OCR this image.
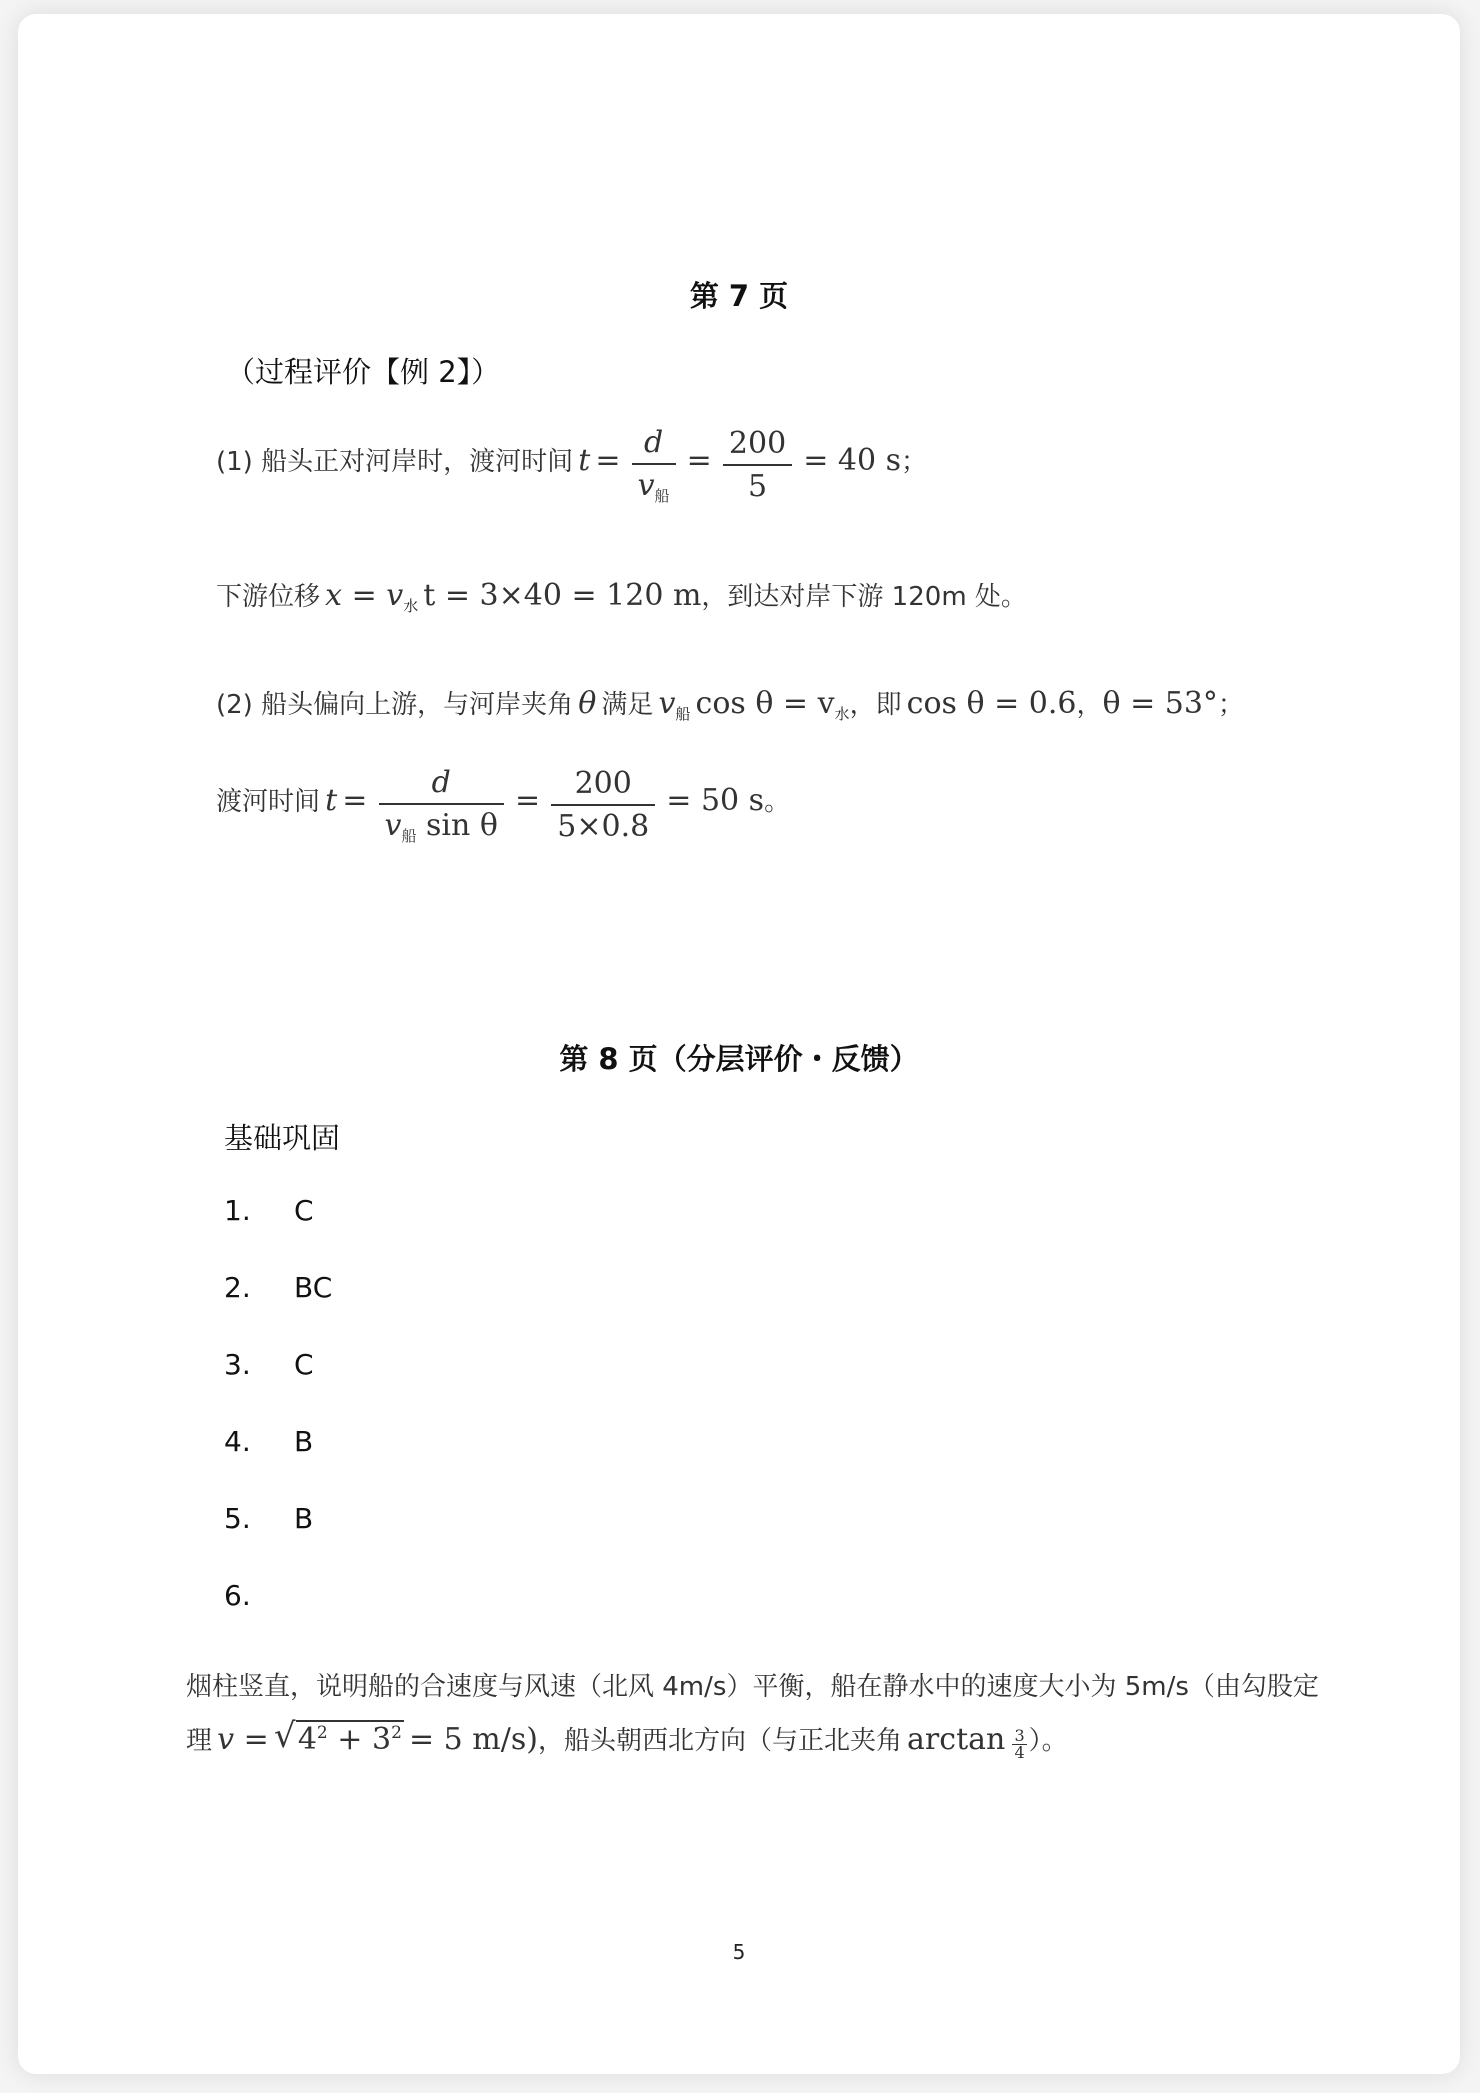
第 7 页
（过程评价【例 2】）
(1) 船头正对河岸时，渡河时间 $t = \frac{d}{v_船} = \frac{200}{5} = 40$ s；
下游位移 x = v水 t = 3×40 = 120 m，到达对岸下游 120m 处。
(2) 船头偏向上游，与河岸夹角 θ 满足 v船 cos θ = v水，即 cos θ = 0.6，θ = 53°；
渡河时间 $t = \frac{d}{v_船 \sin \theta} = \frac{200}{5\times 0.8} = 50$ s。
第 8 页（分层评价・反馈）
基础巩固
1. C
2. BC
3. C
4. B
5. B
6.
烟柱竖直，说明船的合速度与风速（北风 4m/s）平衡，船在静水中的速度大小为 5m/s（由勾股定
理 v = √ $4^2 + 3^2 = 5$ m/s)，船头朝西北方向（与正北夹角 $\arctan \frac{3}{4}$ ）。
5
